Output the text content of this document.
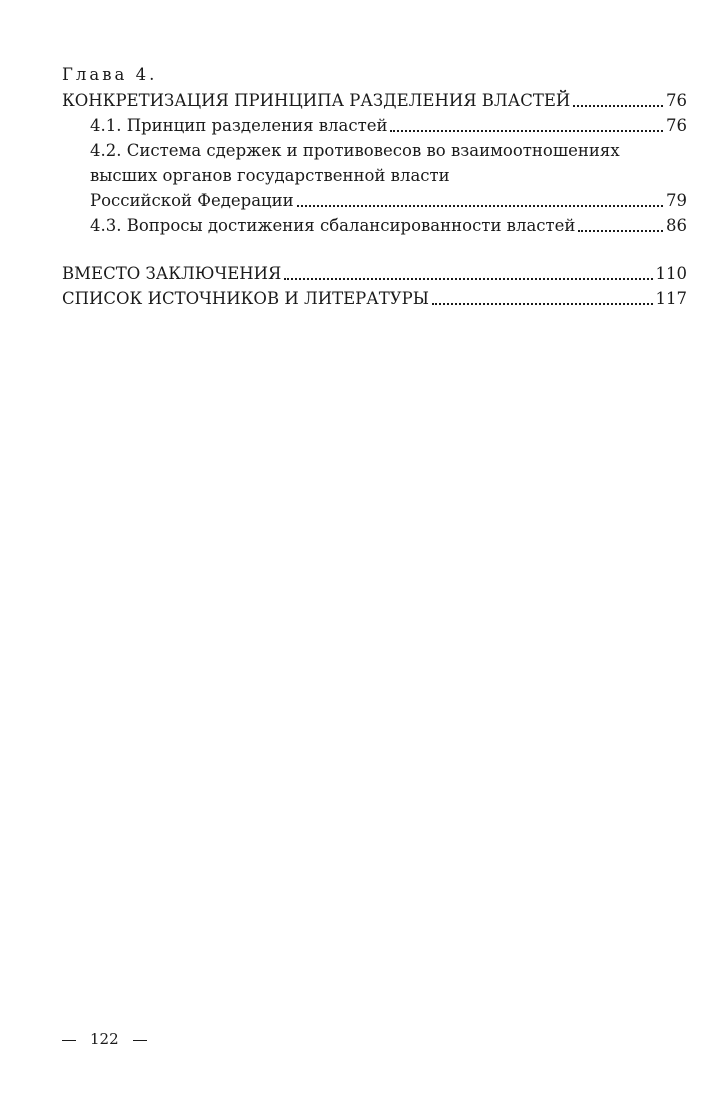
Глава 4.
КОНКРЕТИЗАЦИЯ ПРИНЦИПА РАЗДЕЛЕНИЯ ВЛАСТЕЙ	76
4.1. Принцип разделения властей	76
4.2. Система сдержек и противовесов во взаимоотношениях
высших органов государственной власти
Российской Федерации	79
4.3. Вопросы достижения сбалансированности властей	86
ВМЕСТО ЗАКЛЮЧЕНИЯ	110
СПИСОК ИСТОЧНИКОВ И ЛИТЕРАТУРЫ	117
122
